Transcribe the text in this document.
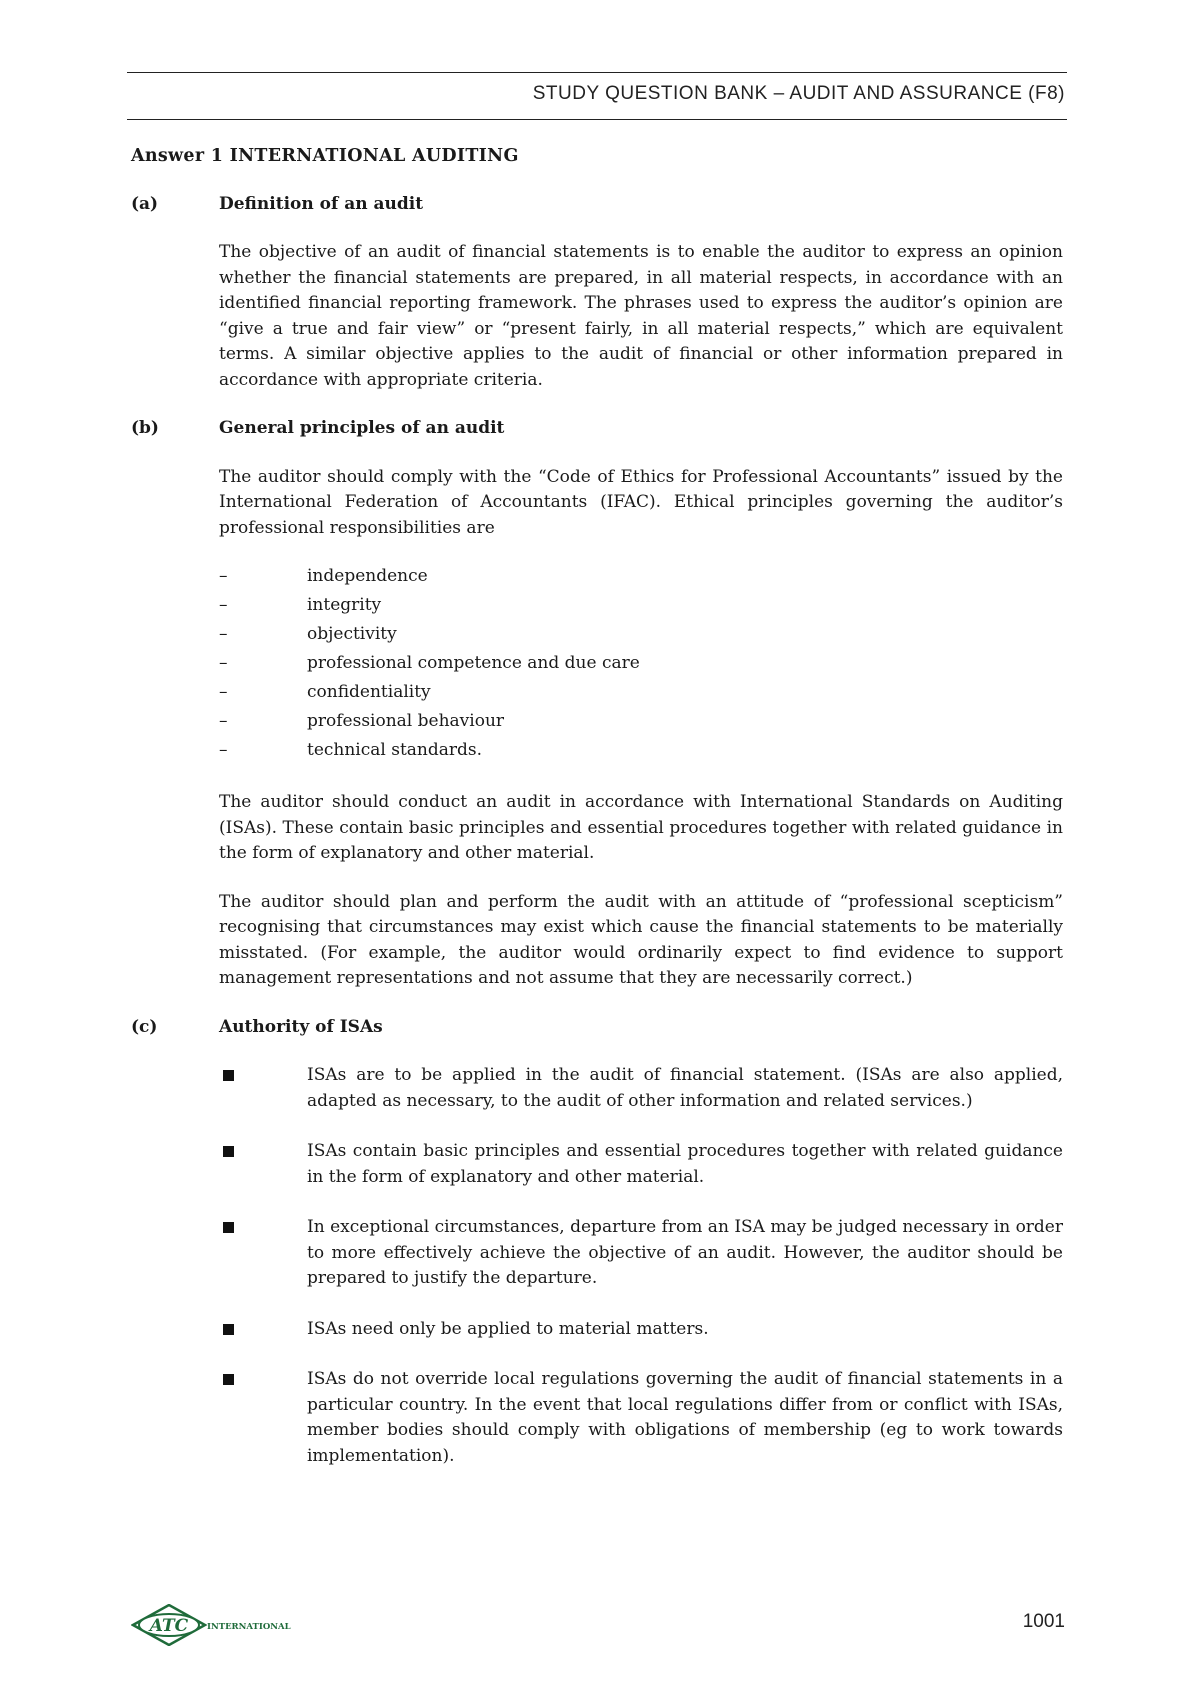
STUDY QUESTION BANK – AUDIT AND ASSURANCE (F8)
Answer 1 INTERNATIONAL AUDITING
(a)	Definition of an audit

The objective of an audit of financial statements is to enable the auditor to express an opinion whether the financial statements are prepared, in all material respects, in accordance with an identified financial reporting framework. The phrases used to express the auditor’s opinion are “give a true and fair view” or “present fairly, in all material respects,” which are equivalent terms. A similar objective applies to the audit of financial or other information prepared in accordance with appropriate criteria.

(b)	General principles of an audit

The auditor should comply with the “Code of Ethics for Professional Accountants” issued by the International Federation of Accountants (IFAC). Ethical principles governing the auditor’s professional responsibilities are

–	independence
–	integrity
–	objectivity
–	professional competence and due care
–	confidentiality
–	professional behaviour
–	technical standards.

The auditor should conduct an audit in accordance with International Standards on Auditing (ISAs). These contain basic principles and essential procedures together with related guidance in the form of explanatory and other material.

The auditor should plan and perform the audit with an attitude of “professional scepticism” recognising that circumstances may exist which cause the financial statements to be materially misstated. (For example, the auditor would ordinarily expect to find evidence to support management representations and not assume that they are necessarily correct.)

(c)	Authority of ISAs
ISAs are to be applied in the audit of financial statement. (ISAs are also applied, adapted as necessary, to the audit of other information and related services.)
ISAs contain basic principles and essential procedures together with related guidance in the form of explanatory and other material.
In exceptional circumstances, departure from an ISA may be judged necessary in order to more effectively achieve the objective of an audit. However, the auditor should be prepared to justify the departure.
ISAs need only be applied to material matters.
ISAs do not override local regulations governing the audit of financial statements in a particular country. In the event that local regulations differ from or conflict with ISAs, member bodies should comply with obligations of membership (eg to work towards implementation).
ATC INTERNATIONAL	1001
